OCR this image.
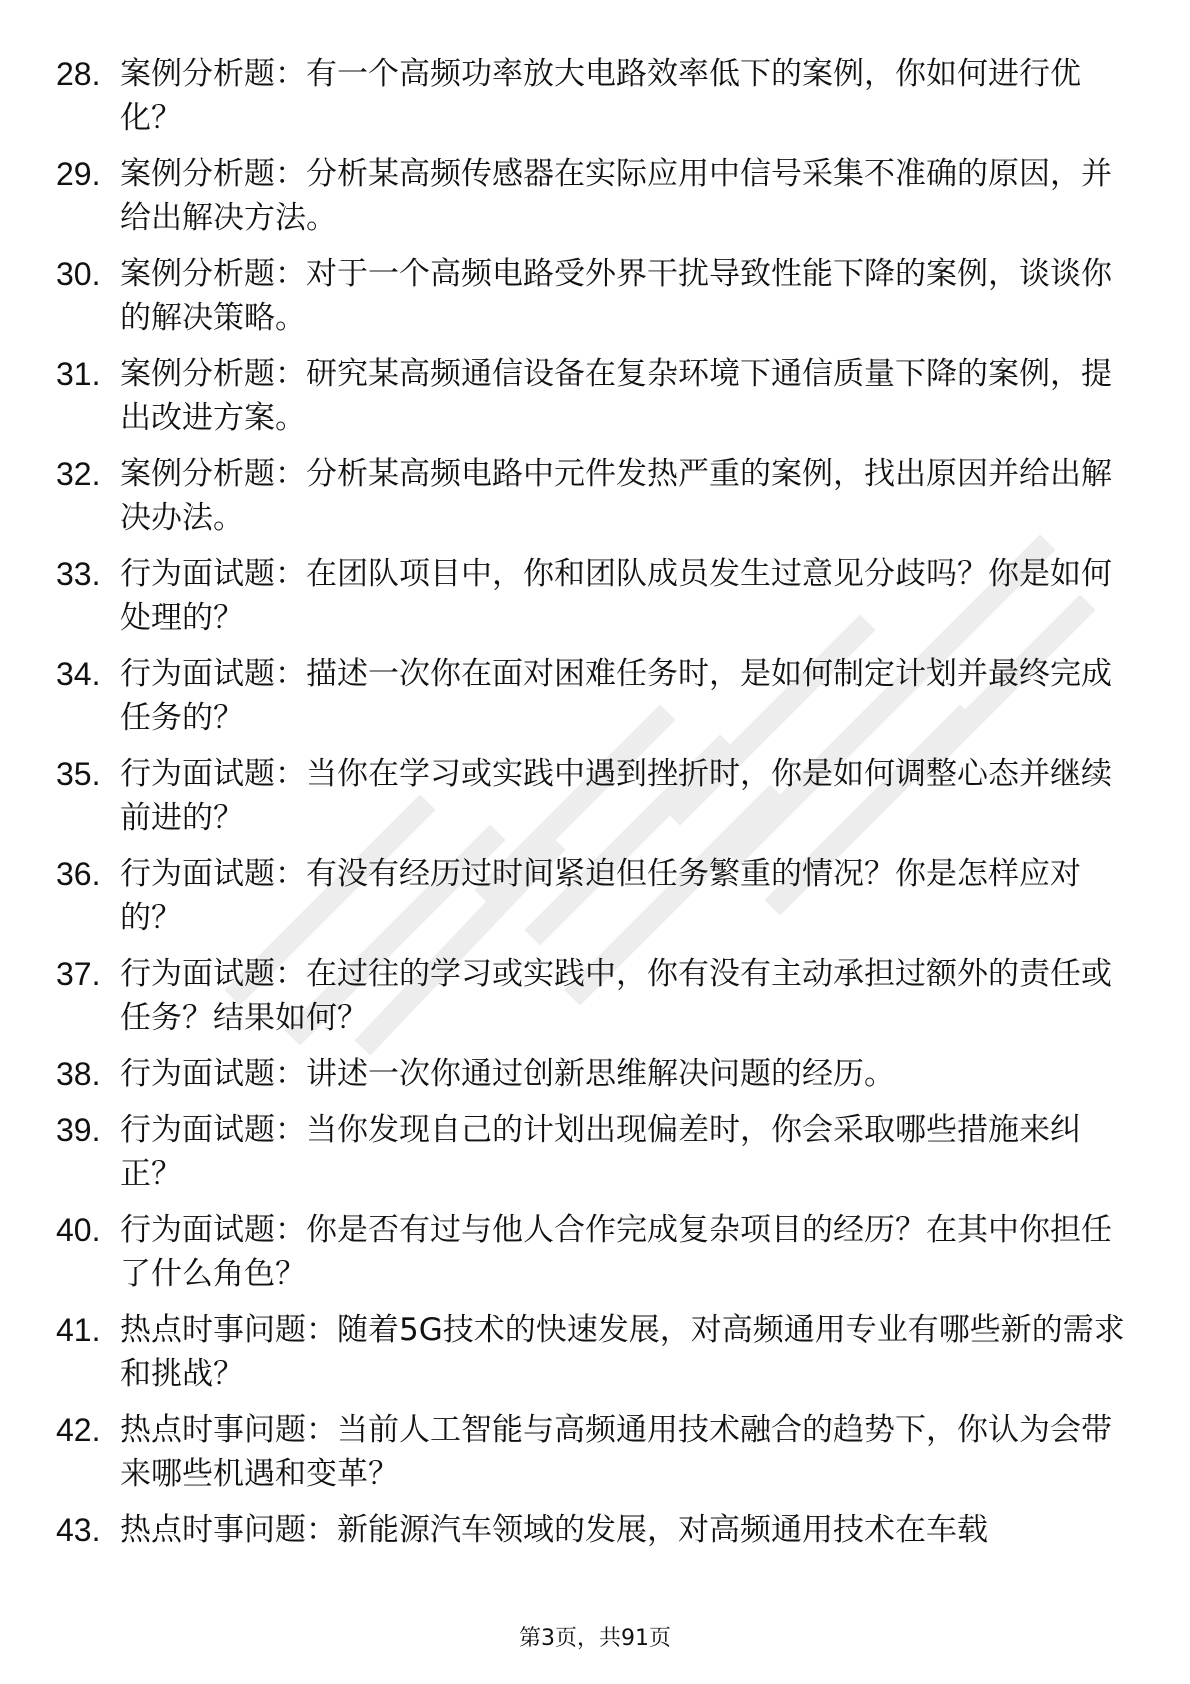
28. 案例分析题：有一个高频功率放大电路效率低下的案例，你如何进行优化？
29. 案例分析题：分析某高频传感器在实际应用中信号采集不准确的原因，并给出解决方法。
30. 案例分析题：对于一个高频电路受外界干扰导致性能下降的案例，谈谈你的解决策略。
31. 案例分析题：研究某高频通信设备在复杂环境下通信质量下降的案例，提出改进方案。
32. 案例分析题：分析某高频电路中元件发热严重的案例，找出原因并给出解决办法。
33. 行为面试题：在团队项目中，你和团队成员发生过意见分歧吗？你是如何处理的？
34. 行为面试题：描述一次你在面对困难任务时，是如何制定计划并最终完成任务的？
35. 行为面试题：当你在学习或实践中遇到挫折时，你是如何调整心态并继续前进的？
36. 行为面试题：有没有经历过时间紧迫但任务繁重的情况？你是怎样应对的？
37. 行为面试题：在过往的学习或实践中，你有没有主动承担过额外的责任或任务？结果如何？
38. 行为面试题：讲述一次你通过创新思维解决问题的经历。
39. 行为面试题：当你发现自己的计划出现偏差时，你会采取哪些措施来纠正？
40. 行为面试题：你是否有过与他人合作完成复杂项目的经历？在其中你担任了什么角色？
41. 热点时事问题：随着5G技术的快速发展，对高频通用专业有哪些新的需求和挑战？
42. 热点时事问题：当前人工智能与高频通用技术融合的趋势下，你认为会带来哪些机遇和变革？
43. 热点时事问题：新能源汽车领域的发展，对高频通用技术在车载
第3页，共91页
